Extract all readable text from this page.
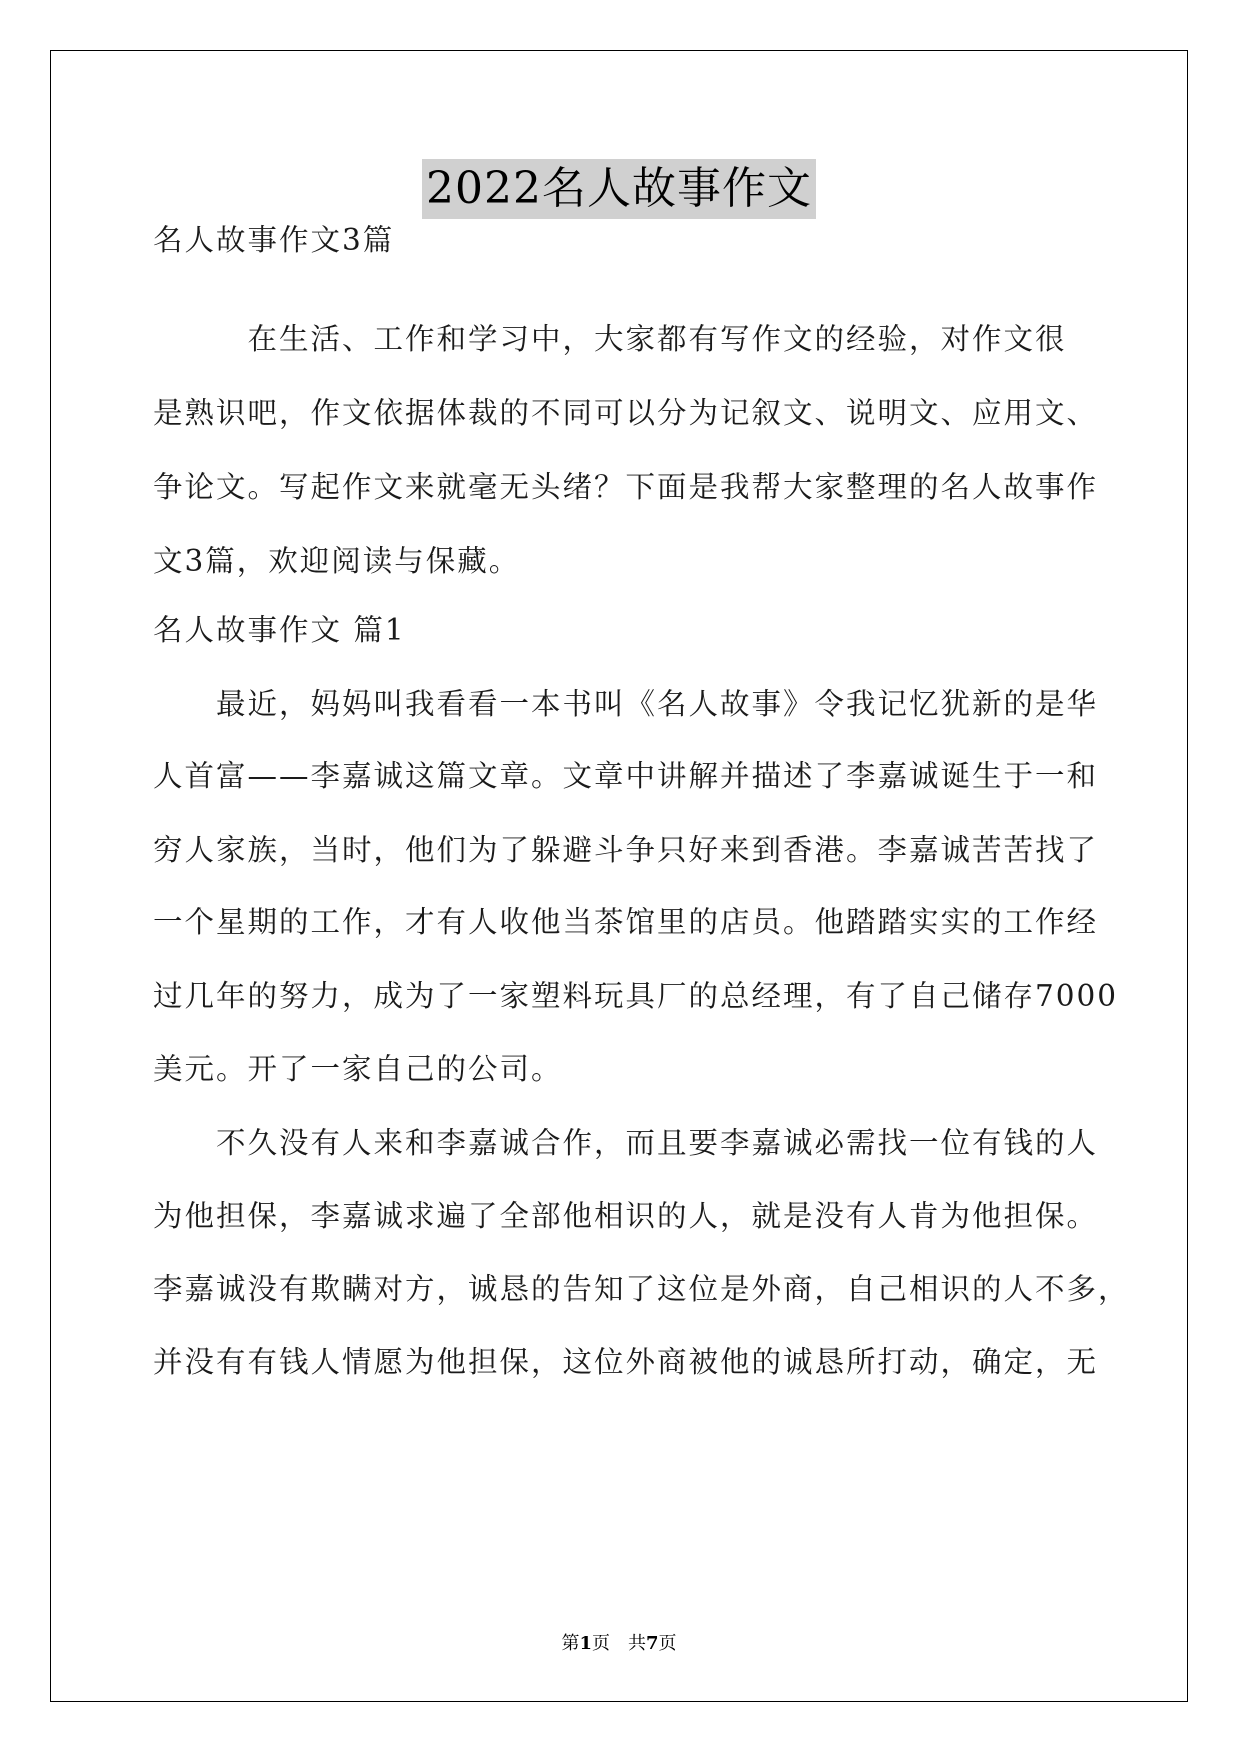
2022名人故事作文
名人故事作文3篇
　　　在生活、工作和学习中，大家都有写作文的经验，对作文很
是熟识吧，作文依据体裁的不同可以分为记叙文、说明文、应用文、
争论文。写起作文来就毫无头绪？下面是我帮大家整理的名人故事作
文3篇，欢迎阅读与保藏。
名人故事作文 篇1
　　最近，妈妈叫我看看一本书叫《名人故事》令我记忆犹新的是华
人首富——李嘉诚这篇文章。文章中讲解并描述了李嘉诚诞生于一和
穷人家族，当时，他们为了躲避斗争只好来到香港。李嘉诚苦苦找了
一个星期的工作，才有人收他当茶馆里的店员。他踏踏实实的工作经
过几年的努力，成为了一家塑料玩具厂的总经理，有了自己储存7000
美元。开了一家自己的公司。
　　不久没有人来和李嘉诚合作，而且要李嘉诚必需找一位有钱的人
为他担保，李嘉诚求遍了全部他相识的人，就是没有人肯为他担保。
李嘉诚没有欺瞒对方，诚恳的告知了这位是外商，自己相识的人不多，
并没有有钱人情愿为他担保，这位外商被他的诚恳所打动，确定，无
第1页　共7页
